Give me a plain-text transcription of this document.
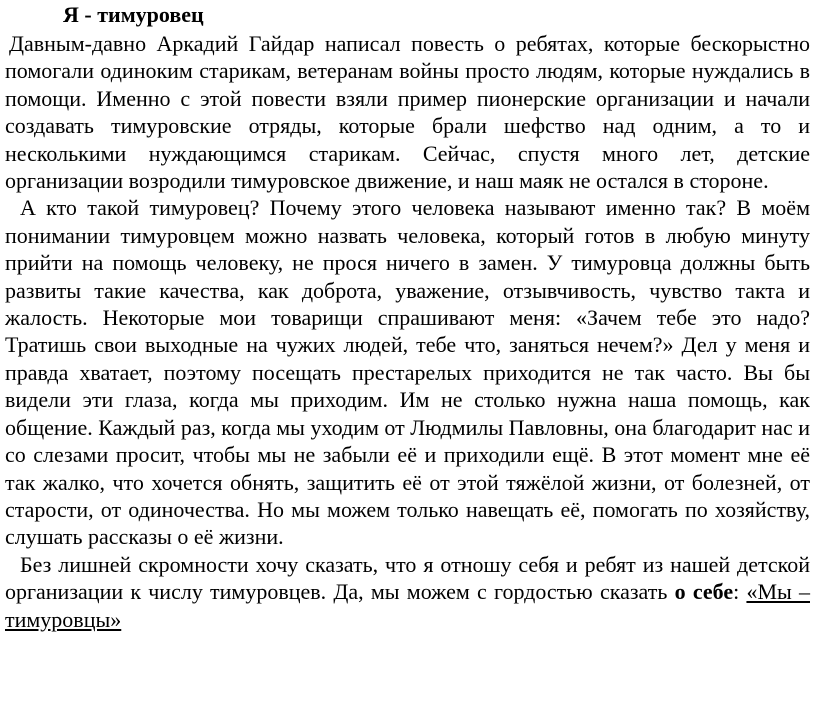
Я - тимуровец

Давным-давно Аркадий Гайдар написал повесть о ребятах, которые бескорыстно помогали одиноким старикам, ветеранам войны просто людям, которые нуждались в помощи. Именно с этой повести взяли пример пионерские организации и начали создавать тимуровские отряды, которые брали шефство над одним, а то и несколькими нуждающимся старикам. Сейчас, спустя много лет, детские организации возродили тимуровское движение, и наш маяк не остался в стороне.

А кто такой тимуровец? Почему этого человека называют именно так? В моём понимании тимуровцем можно назвать человека, который готов в любую минуту прийти на помощь человеку, не прося ничего в замен. У тимуровца должны быть развиты такие качества, как доброта, уважение, отзывчивость, чувство такта и жалость. Некоторые мои товарищи спрашивают меня: «Зачем тебе это надо? Тратишь свои выходные на чужих людей, тебе что, заняться нечем?» Дел у меня и правда хватает, поэтому посещать престарелых приходится не так часто. Вы бы видели эти глаза, когда мы приходим. Им не столько нужна наша помощь, как общение. Каждый раз, когда мы уходим от Людмилы Павловны, она благодарит нас и со слезами просит, чтобы мы не забыли её и приходили ещё. В этот момент мне её так жалко, что хочется обнять, защитить её от этой тяжёлой жизни, от болезней, от старости, от одиночества. Но мы можем только навещать её, помогать по хозяйству, слушать рассказы о её жизни.

Без лишней скромности хочу сказать, что я отношу себя и ребят из нашей детской организации к числу тимуровцев. Да, мы можем с гордостью сказать о себе: «Мы – тимуровцы»
